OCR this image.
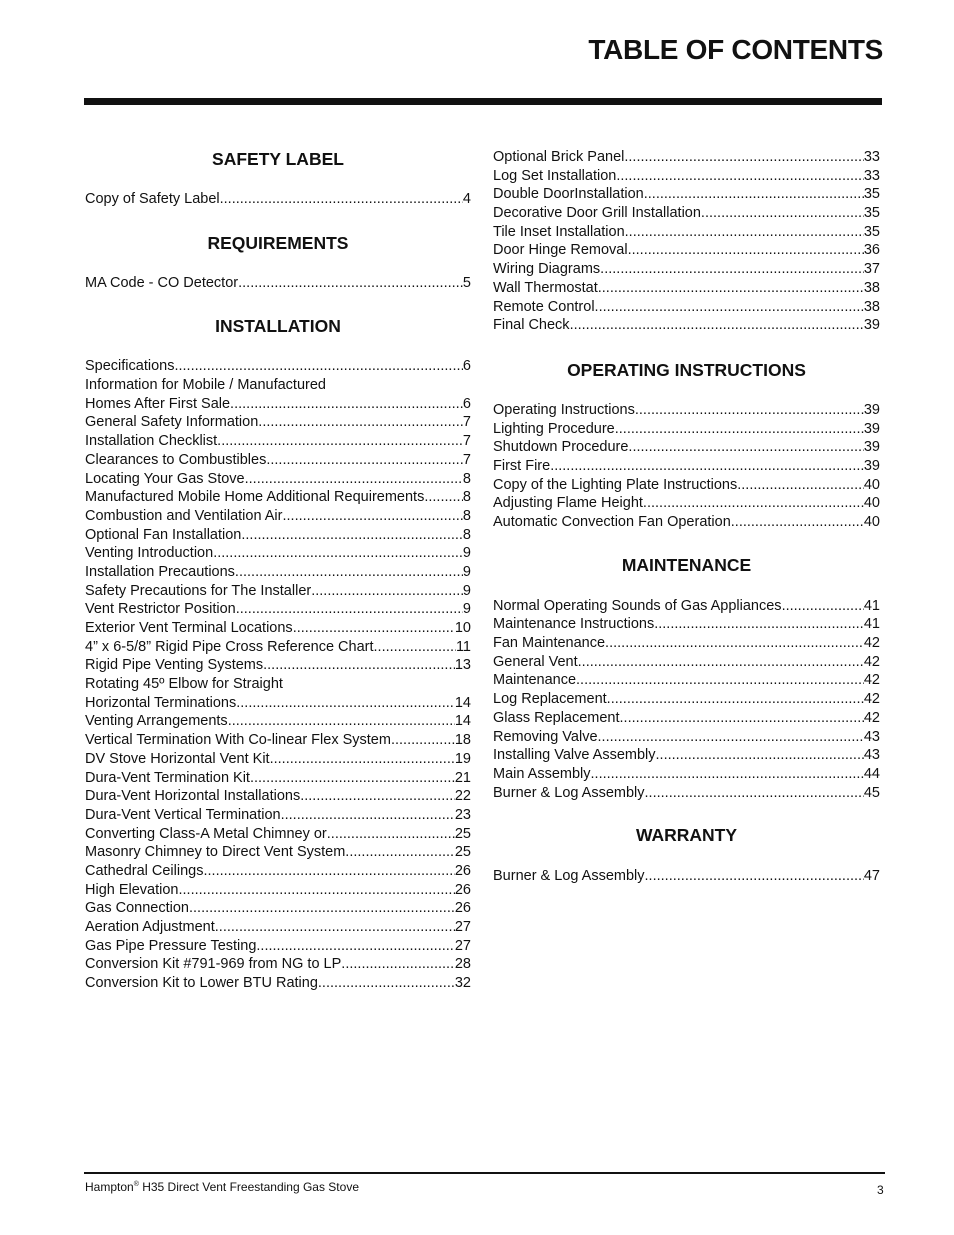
TABLE OF CONTENTS
SAFETY LABEL
Copy of Safety Label .....	4
REQUIREMENTS
MA Code - CO Detector .....	5
INSTALLATION
Specifications .....	6
Information for Mobile / Manufactured
Homes After First Sale .....	6
General Safety Information .....	7
Installation Checklist .....	7
Clearances to Combustibles .....	7
Locating Your Gas Stove .....	8
Manufactured Mobile Home Additional Requirements .....	8
Combustion and Ventilation Air .....	8
Optional Fan Installation .....	8
Venting Introduction .....	9
Installation Precautions .....	9
Safety Precautions for The Installer .....	9
Vent Restrictor Position .....	9
Exterior Vent Terminal Locations .....	10
4” x 6-5/8” Rigid Pipe Cross Reference Chart .....	11
Rigid Pipe Venting Systems .....	13
Rotating 45º Elbow for Straight
Horizontal Terminations .....	14
Venting Arrangements .....	14
Vertical Termination With Co-linear Flex System .....	18
DV Stove Horizontal Vent Kit .....	19
Dura-Vent Termination Kit .....	21
Dura-Vent Horizontal Installations .....	22
Dura-Vent Vertical Termination .....	23
Converting Class-A Metal Chimney or .....	25
Masonry Chimney to Direct Vent System .....	25
Cathedral Ceilings .....	26
High Elevation .....	26
Gas Connection .....	26
Aeration Adjustment .....	27
Gas Pipe Pressure Testing .....	27
Conversion Kit #791-969 from NG to LP .....	28
Conversion Kit to Lower BTU Rating .....	32
Optional Brick Panel .....	33
Log Set Installation .....	33
Double DoorInstallation .....	35
Decorative Door Grill Installation .....	35
Tile Inset Installation .....	35
Door Hinge Removal .....	36
Wiring Diagrams .....	37
Wall Thermostat .....	38
Remote Control .....	38
Final Check .....	39
OPERATING INSTRUCTIONS
Operating Instructions .....	39
Lighting Procedure .....	39
Shutdown Procedure .....	39
First Fire .....	39
Copy of the Lighting Plate Instructions .....	40
Adjusting Flame Height .....	40
Automatic Convection Fan Operation .....	40
MAINTENANCE
Normal Operating Sounds of Gas Appliances .....	41
Maintenance Instructions .....	41
Fan Maintenance .....	42
General Vent .....	42
Maintenance .....	42
Log Replacement .....	42
Glass Replacement .....	42
Removing Valve .....	43
Installing Valve Assembly .....	43
Main Assembly .....	44
Burner & Log Assembly .....	45
WARRANTY
Burner & Log Assembly .....	47
Hampton® H35 Direct Vent Freestanding Gas Stove	3
